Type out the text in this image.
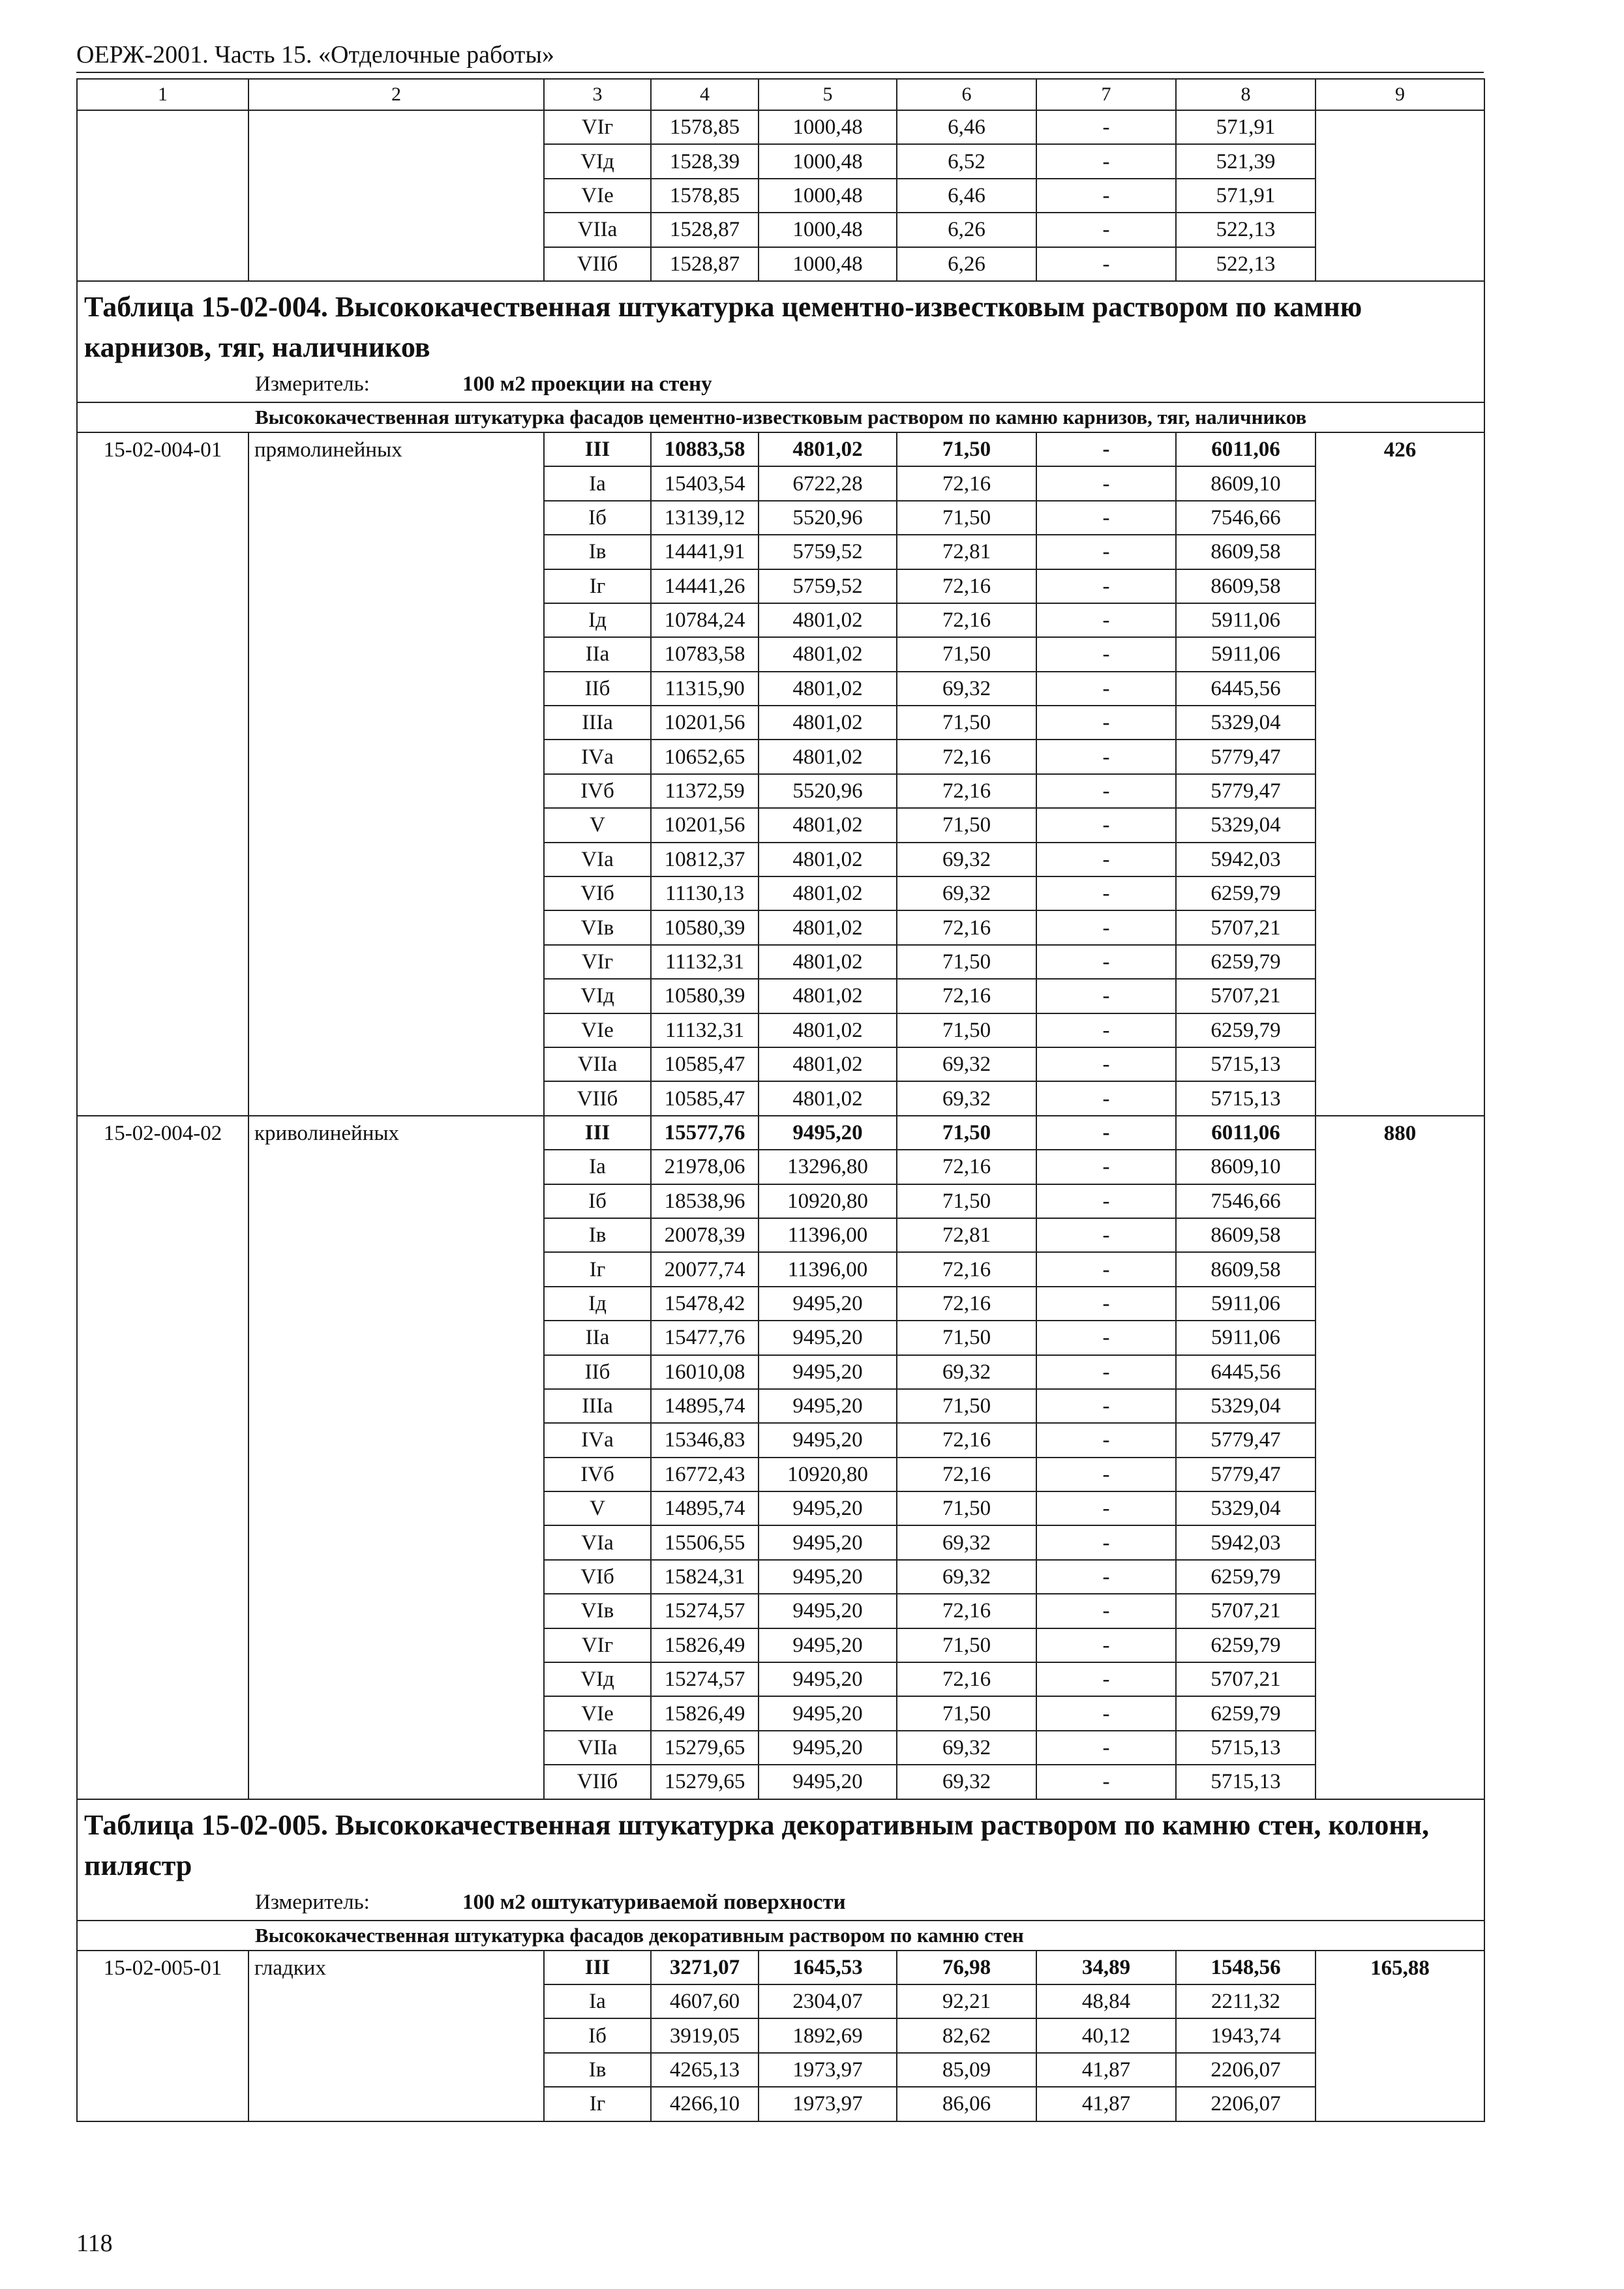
ОЕРЖ-2001. Часть 15. «Отделочные работы»
1	2	3	4	5	6	7	8	9
		VIг	1578,85	1000,48	6,46	-	571,91	
		VIд	1528,39	1000,48	6,52	-	521,39	
		VIе	1578,85	1000,48	6,46	-	571,91	
		VIIа	1528,87	1000,48	6,26	-	522,13	
		VIIб	1528,87	1000,48	6,26	-	522,13	

Таблица 15-02-004. Высококачественная штукатурка цементно-известковым раствором по камню карнизов, тяг, наличников
Измеритель: 100 м2 проекции на стену								

Высококачественная штукатурка фасадов цементно-известковым раствором по камню карнизов, тяг, наличников								
15-02-004-01	прямолинейных	III	10883,58	4801,02	71,50	-	6011,06	426
		Iа	15403,54	6722,28	72,16	-	8609,10	
		Iб	13139,12	5520,96	71,50	-	7546,66	
		Iв	14441,91	5759,52	72,81	-	8609,58	
		Iг	14441,26	5759,52	72,16	-	8609,58	
		Iд	10784,24	4801,02	72,16	-	5911,06	
		IIа	10783,58	4801,02	71,50	-	5911,06	
		IIб	11315,90	4801,02	69,32	-	6445,56	
		IIIа	10201,56	4801,02	71,50	-	5329,04	
		IVа	10652,65	4801,02	72,16	-	5779,47	
		IVб	11372,59	5520,96	72,16	-	5779,47	
		V	10201,56	4801,02	71,50	-	5329,04	
		VIа	10812,37	4801,02	69,32	-	5942,03	
		VIб	11130,13	4801,02	69,32	-	6259,79	
		VIв	10580,39	4801,02	72,16	-	5707,21	
		VIг	11132,31	4801,02	71,50	-	6259,79	
		VIд	10580,39	4801,02	72,16	-	5707,21	
		VIе	11132,31	4801,02	71,50	-	6259,79	
		VIIа	10585,47	4801,02	69,32	-	5715,13	
		VIIб	10585,47	4801,02	69,32	-	5715,13	
15-02-004-02	криволинейных	III	15577,76	9495,20	71,50	-	6011,06	880
		Iа	21978,06	13296,80	72,16	-	8609,10	
		Iб	18538,96	10920,80	71,50	-	7546,66	
		Iв	20078,39	11396,00	72,81	-	8609,58	
		Iг	20077,74	11396,00	72,16	-	8609,58	
		Iд	15478,42	9495,20	72,16	-	5911,06	
		IIа	15477,76	9495,20	71,50	-	5911,06	
		IIб	16010,08	9495,20	69,32	-	6445,56	
		IIIа	14895,74	9495,20	71,50	-	5329,04	
		IVа	15346,83	9495,20	72,16	-	5779,47	
		IVб	16772,43	10920,80	72,16	-	5779,47	
		V	14895,74	9495,20	71,50	-	5329,04	
		VIа	15506,55	9495,20	69,32	-	5942,03	
		VIб	15824,31	9495,20	69,32	-	6259,79	
		VIв	15274,57	9495,20	72,16	-	5707,21	
		VIг	15826,49	9495,20	71,50	-	6259,79	
		VIд	15274,57	9495,20	72,16	-	5707,21	
		VIе	15826,49	9495,20	71,50	-	6259,79	
		VIIа	15279,65	9495,20	69,32	-	5715,13	
		VIIб	15279,65	9495,20	69,32	-	5715,13	

Таблица 15-02-005. Высококачественная штукатурка декоративным раствором по камню стен, колонн, пилястр
Измеритель: 100 м2 оштукатуриваемой поверхности								

Высококачественная штукатурка фасадов декоративным раствором по камню стен								
15-02-005-01	гладких	III	3271,07	1645,53	76,98	34,89	1548,56	165,88
		Iа	4607,60	2304,07	92,21	48,84	2211,32	
		Iб	3919,05	1892,69	82,62	40,12	1943,74	
		Iв	4265,13	1973,97	85,09	41,87	2206,07	
		Iг	4266,10	1973,97	86,06	41,87	2206,07	
118
